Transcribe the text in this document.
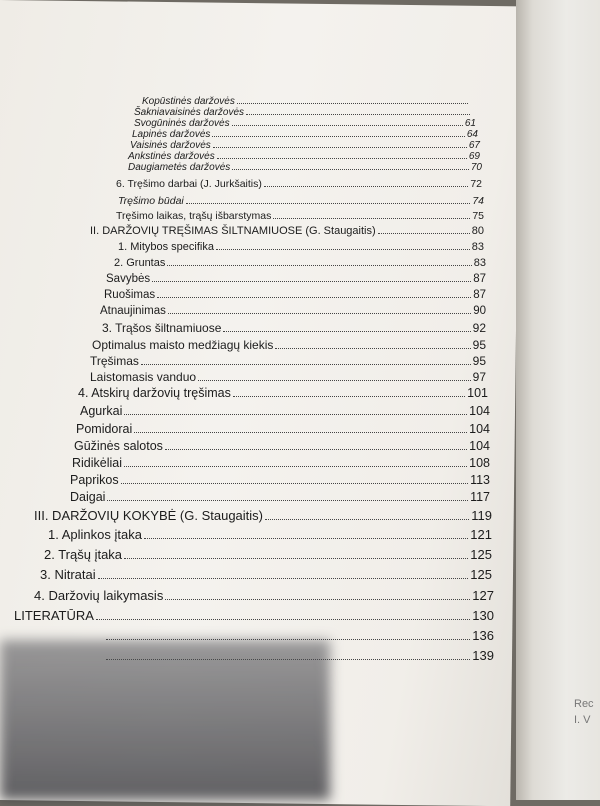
Rec
I. V
Kopūstinės daržovės
Šakniavaisinės daržovės
Svogūninės daržovės	61
Lapinės daržovės	64
Vaisinės daržovės	67
Ankstinės daržovės	69
Daugiametės daržovės	70
6. Tręšimo darbai (J. Jurkšaitis)	72
Tręšimo būdai	74
Tręšimo laikas, trąšų išbarstymas	75
II. DARŽOVIŲ TRĘŠIMAS ŠILTNAMIUOSE (G. Staugaitis)	80
1. Mitybos specifika	83
2. Gruntas	83
Savybės	87
Ruošimas	87
Atnaujinimas	90
3. Trąšos šiltnamiuose	92
Optimalus maisto medžiagų kiekis	95
Tręšimas	95
Laistomasis vanduo	97
4. Atskirų daržovių tręšimas	101
Agurkai	104
Pomidorai	104
Gūžinės salotos	104
Ridikėliai	108
Paprikos	113
Daigai	117
III. DARŽOVIŲ KOKYBĖ (G. Staugaitis)	119
1. Aplinkos įtaka	121
2. Trąšų įtaka	125
3. Nitratai	125
4. Daržovių laikymasis	127
LITERATŪRA	130
136
139
